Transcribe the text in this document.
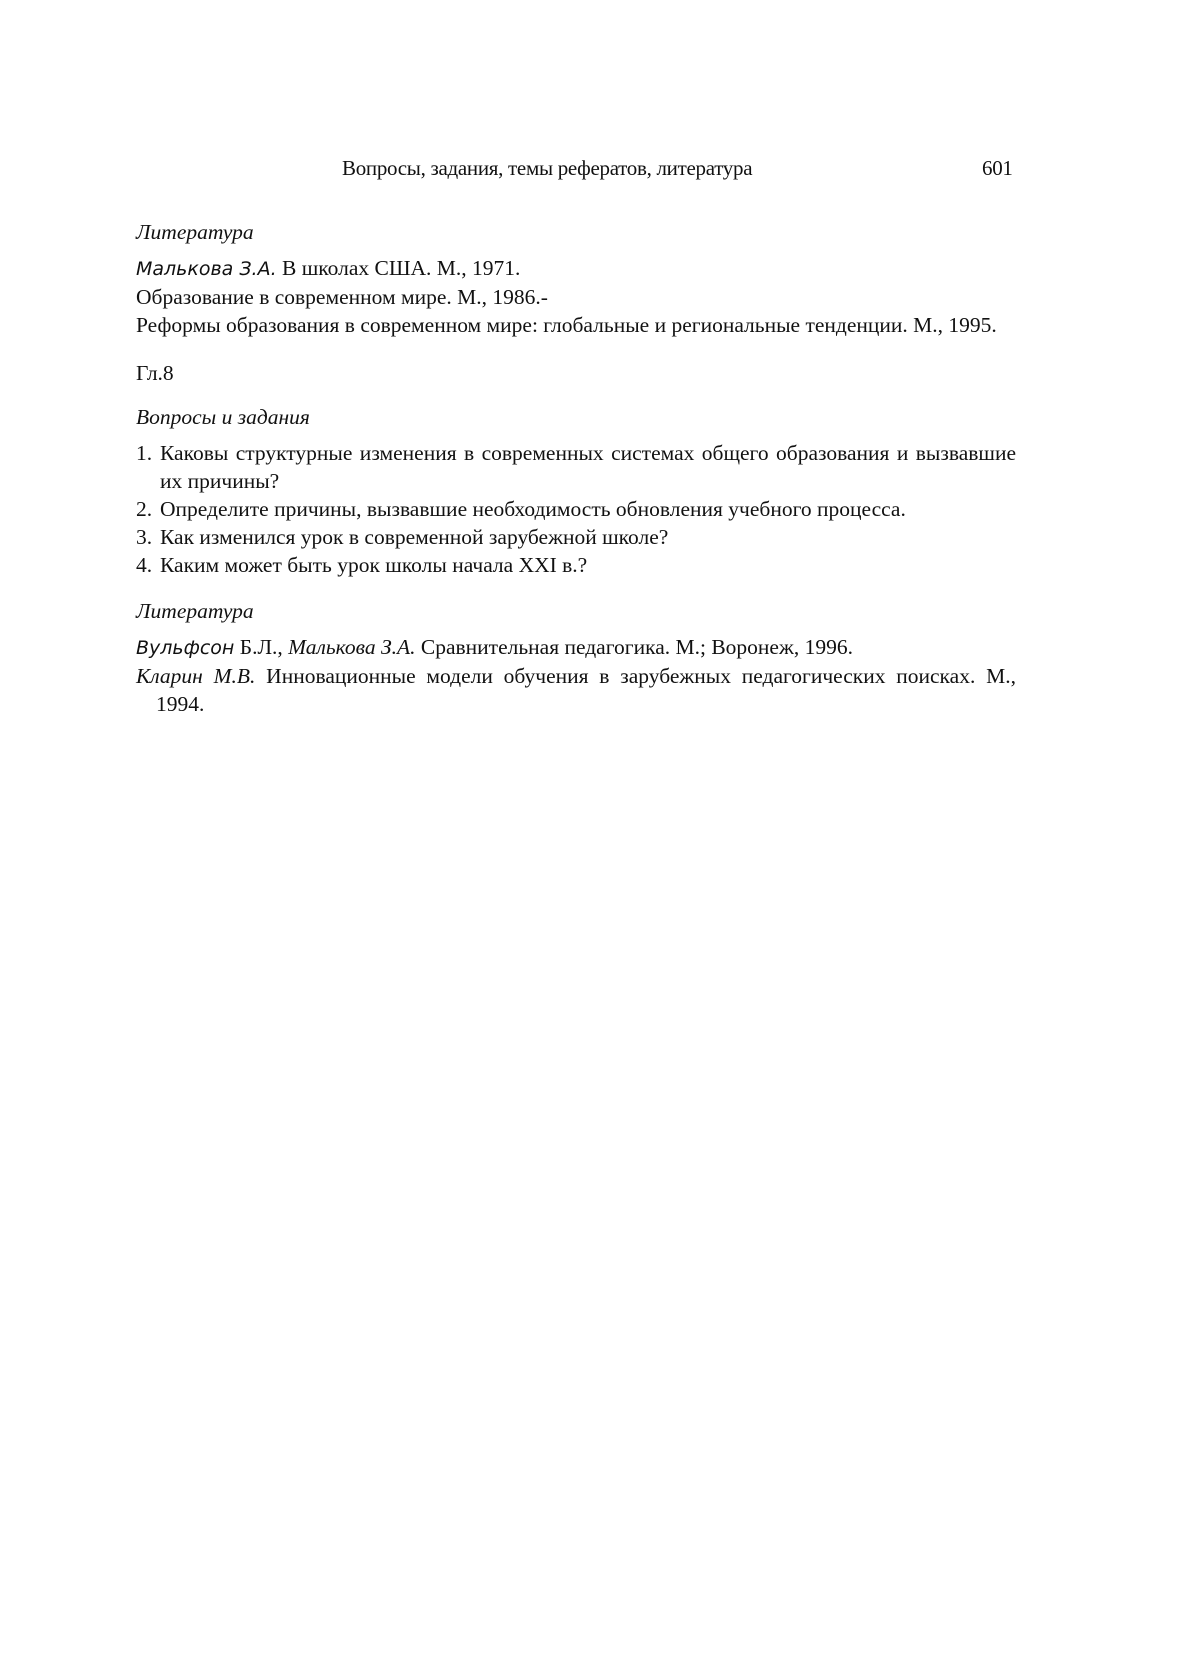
Вопросы, задания, темы рефератов, литература	601

Литература

Малькова З.А. В школах США. М., 1971.

Образование в современном мире. М., 1986.-

Реформы образования в современном мире: глобальные и региональные тенденции. М., 1995.

Гл.8

Вопросы и задания

1. Каковы структурные изменения в современных системах общего образования и вызвавшие их причины?
2. Определите причины, вызвавшие необходимость обновления учебного процесса.
3. Как изменился урок в современной зарубежной школе?
4. Каким может быть урок школы начала XXI в.?

Литература

Вульфсон Б.Л., Малькова З.А. Сравнительная педагогика. М.; Воронеж, 1996.

Кларин М.В. Инновационные модели обучения в зарубежных педагогических поисках. М., 1994.
